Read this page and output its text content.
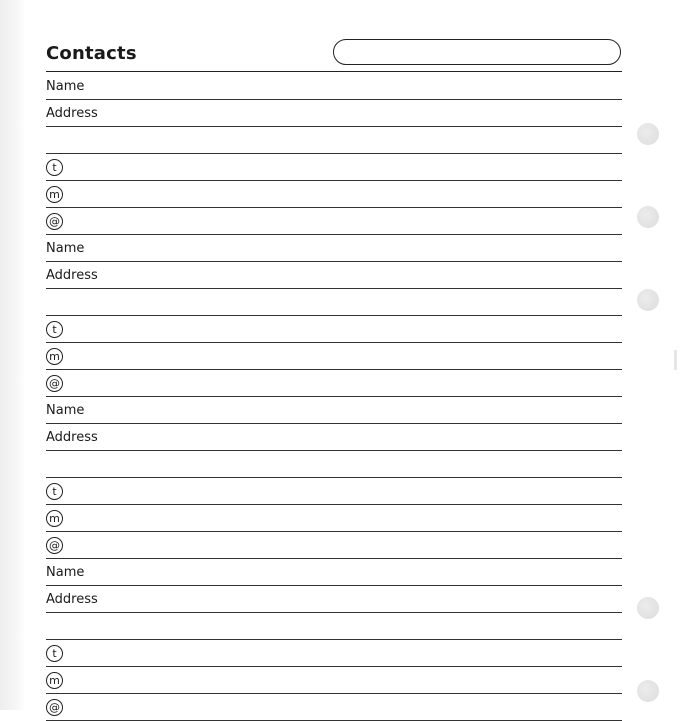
Contacts
Name
Address
t
m
@
Name
Address
t
m
@
Name
Address
t
m
@
Name
Address
t
m
@
